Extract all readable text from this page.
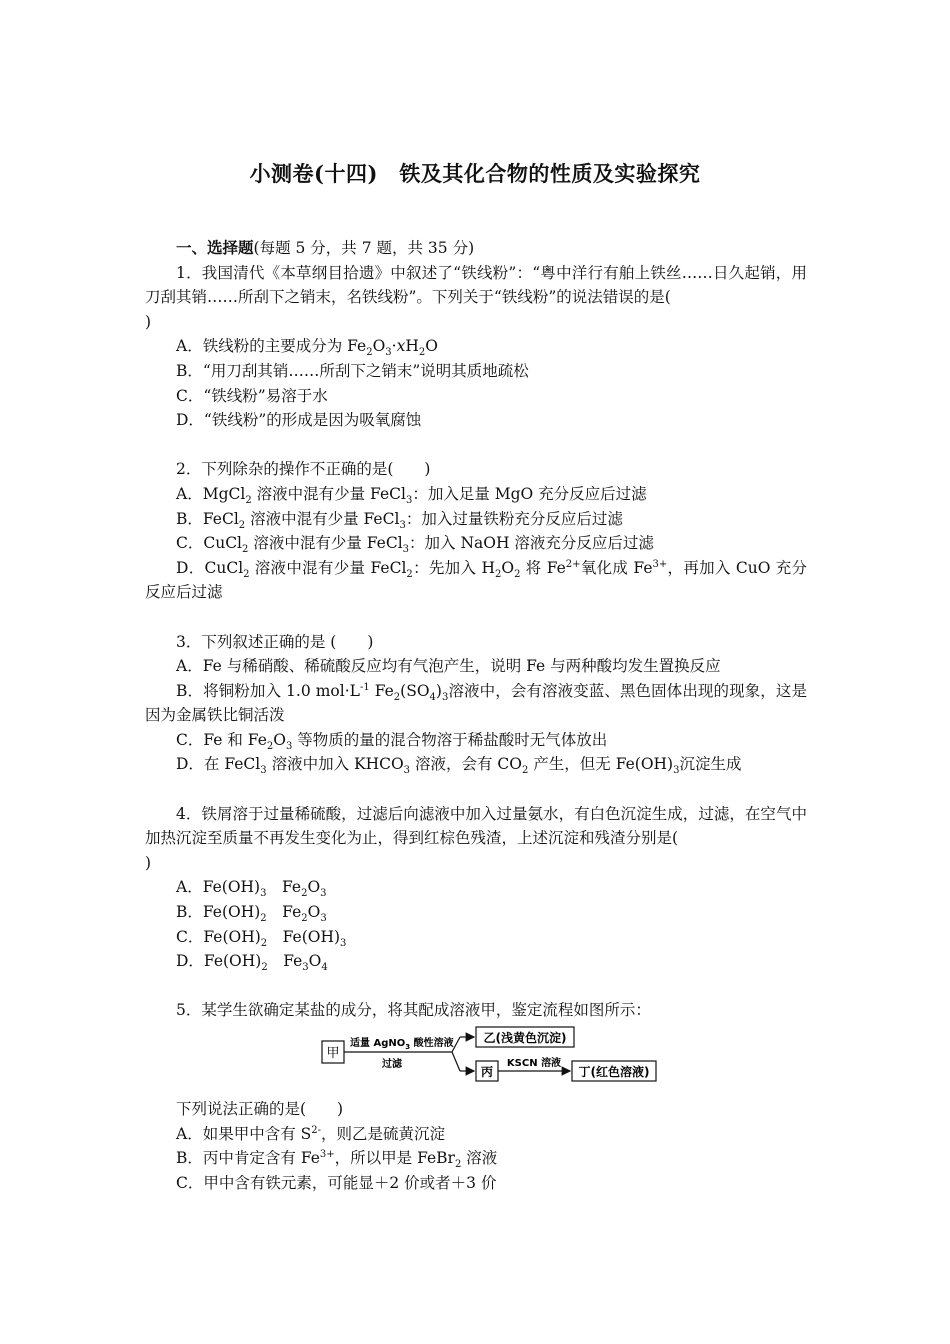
小测卷(十四)　铁及其化合物的性质及实验探究
一、选择题(每题 5 分，共 7 题，共 35 分)
1．我国清代《本草纲目拾遗》中叙述了“铁线粉”：“粤中洋行有舶上铁丝……日久起销，用刀刮其销……所刮下之销末，名铁线粉”。下列关于“铁线粉”的说法错误的是(
)
A．铁线粉的主要成分为 $Fe_2O_3\cdot xH_2O$
B．“用刀刮其销……所刮下之销末”说明其质地疏松
C．“铁线粉”易溶于水
D．“铁线粉”的形成是因为吸氧腐蚀
2．下列除杂的操作不正确的是(　　)
A．MgCl$_2$ 溶液中混有少量 FeCl$_3$：加入足量 MgO 充分反应后过滤
B．FeCl$_2$ 溶液中混有少量 FeCl$_3$：加入过量铁粉充分反应后过滤
C．CuCl$_2$ 溶液中混有少量 FeCl$_3$：加入 NaOH 溶液充分反应后过滤
D．CuCl$_2$ 溶液中混有少量 FeCl$_2$：先加入 $H_2O_2$ 将 $Fe^{2+}$氧化成 $Fe^{3+}$，再加入 CuO 充分反应后过滤
3．下列叙述正确的是 (　　)
A．Fe 与稀硝酸、稀硫酸反应均有气泡产生，说明 Fe 与两种酸均发生置换反应
B．将铜粉加入 1.0 $mol\cdot L^{-1}$ $Fe_2(SO_4)_3$溶液中，会有溶液变蓝、黑色固体出现的现象，这是因为金属铁比铜活泼
C．Fe 和 $Fe_2O_3$ 等物质的量的混合物溶于稀盐酸时无气体放出
D．在 FeCl$_3$ 溶液中加入 $KHCO_3$ 溶液，会有 $CO_2$ 产生，但无 $Fe(OH)_3$沉淀生成
4．铁屑溶于过量稀硫酸，过滤后向滤液中加入过量氨水，有白色沉淀生成，过滤，在空气中加热沉淀至质量不再发生变化为止，得到红棕色残渣，上述沉淀和残渣分别是(
)
A．$Fe(OH)_3$　$Fe_2O_3$
B．$Fe(OH)_2$　$Fe_2O_3$
C．$Fe(OH)_2$　$Fe(OH)_3$
D．$Fe(OH)_2$　$Fe_3O_4$
5．某学生欲确定某盐的成分，将其配成溶液甲，鉴定流程如图所示：
甲
适量 AgNO$_3$ 酸性溶液
过滤
乙(浅黄色沉淀)
丙
KSCN 溶液
丁(红色溶液)
下列说法正确的是(　　)
A．如果甲中含有 $S^{2-}$，则乙是硫黄沉淀
B．丙中肯定含有 $Fe^{3+}$，所以甲是 FeBr$_2$ 溶液
C．甲中含有铁元素，可能显＋2 价或者＋3 价
